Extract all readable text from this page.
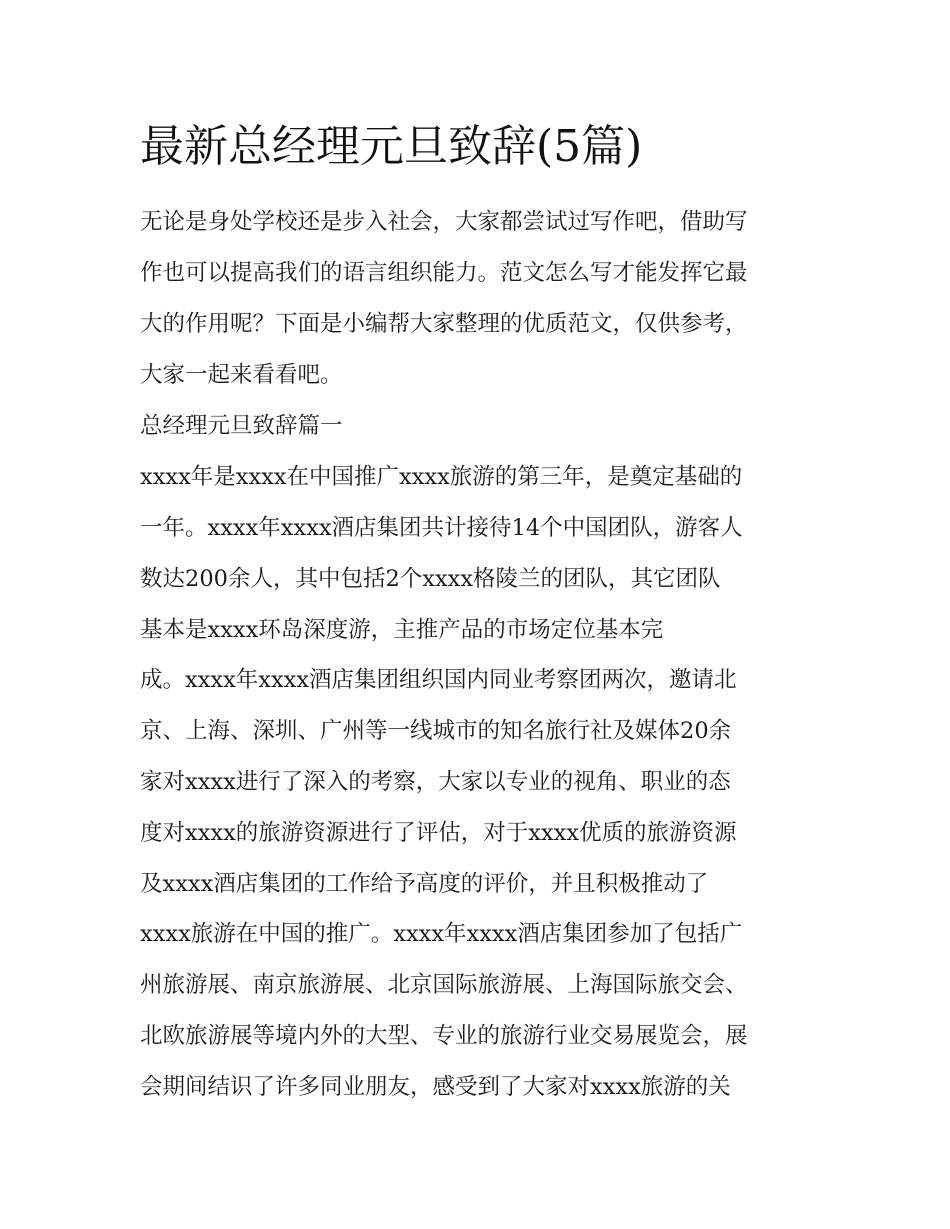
最新总经理元旦致辞(5篇)

无论是身处学校还是步入社会，大家都尝试过写作吧，借助写

作也可以提高我们的语言组织能力。范文怎么写才能发挥它最

大的作用呢？下面是小编帮大家整理的优质范文，仅供参考，

大家一起来看看吧。

总经理元旦致辞篇一

xxxx年是xxxx在中国推广xxxx旅游的第三年，是奠定基础的

一年。xxxx年xxxx酒店集团共计接待14个中国团队，游客人

数达200余人，其中包括2个xxxx格陵兰的团队，其它团队

基本是xxxx环岛深度游，主推产品的市场定位基本完

成。xxxx年xxxx酒店集团组织国内同业考察团两次，邀请北

京、上海、深圳、广州等一线城市的知名旅行社及媒体20余

家对xxxx进行了深入的考察，大家以专业的视角、职业的态

度对xxxx的旅游资源进行了评估，对于xxxx优质的旅游资源

及xxxx酒店集团的工作给予高度的评价，并且积极推动了

xxxx旅游在中国的推广。xxxx年xxxx酒店集团参加了包括广

州旅游展、南京旅游展、北京国际旅游展、上海国际旅交会、

北欧旅游展等境内外的大型、专业的旅游行业交易展览会，展

会期间结识了许多同业朋友，感受到了大家对xxxx旅游的关
